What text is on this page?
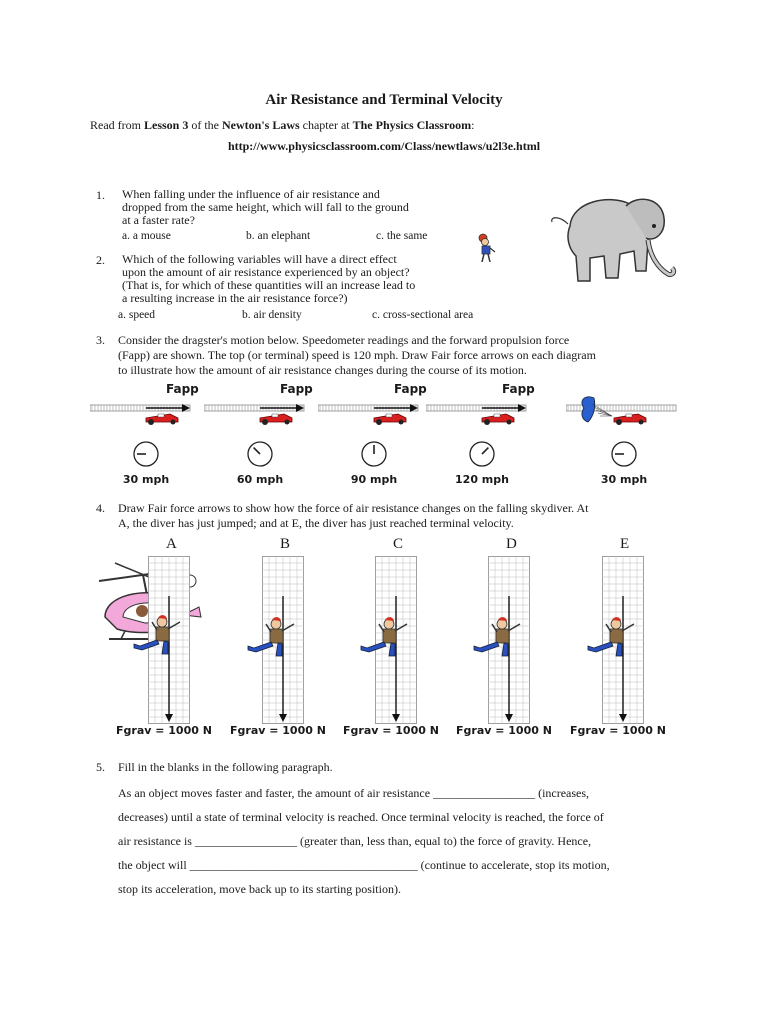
Air Resistance and Terminal Velocity
Read from Lesson 3 of the Newton's Laws chapter at The Physics Classroom:
http://www.physicsclassroom.com/Class/newtlaws/u2l3e.html
1. When falling under the influence of air resistance and
dropped from the same height, which will fall to the ground
at a faster rate?
a. a mouse	b. an elephant	c. the same
2. Which of the following variables will have a direct effect
upon the amount of air resistance experienced by an object?
(That is, for which of these quantities will an increase lead to
a resulting increase in the air resistance force?)
a. speed	b. air density	c. cross-sectional area
3. Consider the dragster's motion below. Speedometer readings and the forward propulsion force
(Fapp) are shown. The top (or terminal) speed is 120 mph. Draw Fair force arrows on each diagram
to illustrate how the amount of air resistance changes during the course of its motion.
Fapp
30 mph
Fapp
60 mph
Fapp
90 mph
Fapp
120 mph	30 mph
4. Draw Fair force arrows to show how the force of air resistance changes on the falling skydiver. At
A, the diver has just jumped; and at E, the diver has just reached terminal velocity.
A
Fgrav = 1000 N
B
Fgrav = 1000 N
C
Fgrav = 1000 N
D
Fgrav = 1000 N
E
Fgrav = 1000 N
5. Fill in the blanks in the following paragraph.
As an object moves faster and faster, the amount of air resistance _________________ (increases,
decreases) until a state of terminal velocity is reached. Once terminal velocity is reached, the force of
air resistance is _________________ (greater than, less than, equal to) the force of gravity. Hence,
the object will ______________________________________ (continue to accelerate, stop its motion,
stop its acceleration, move back up to its starting position).
